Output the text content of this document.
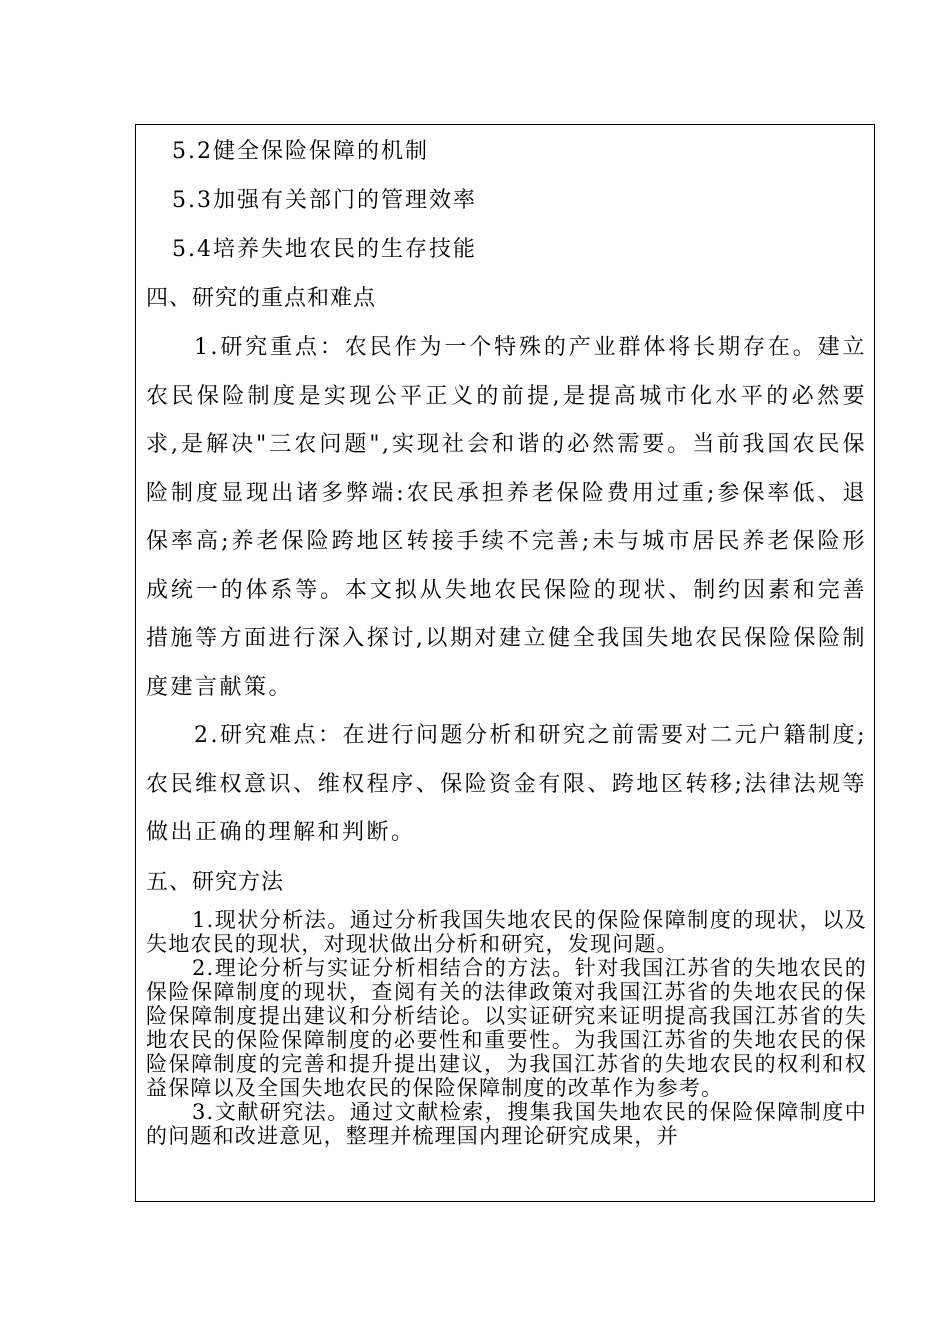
5.2健全保险保障的机制
5.3加强有关部门的管理效率
5.4培养失地农民的生存技能
四、研究的重点和难点

1.研究重点：农民作为一个特殊的产业群体将长期存在。建立农民保险制度是实现公平正义的前提,是提高城市化水平的必然要求,是解决"三农问题",实现社会和谐的必然需要。当前我国农民保险制度显现出诸多弊端:农民承担养老保险费用过重;参保率低、退保率高;养老保险跨地区转接手续不完善;未与城市居民养老保险形成统一的体系等。本文拟从失地农民保险的现状、制约因素和完善措施等方面进行深入探讨,以期对建立健全我国失地农民保险保险制度建言献策。

2.研究难点：在进行问题分析和研究之前需要对二元户籍制度;农民维权意识、维权程序、保险资金有限、跨地区转移;法律法规等做出正确的理解和判断。

五、研究方法

1.现状分析法。通过分析我国失地农民的保险保障制度的现状，以及失地农民的现状，对现状做出分析和研究，发现问题。

2.理论分析与实证分析相结合的方法。针对我国江苏省的失地农民的保险保障制度的现状，查阅有关的法律政策对我国江苏省的失地农民的保险保障制度提出建议和分析结论。以实证研究来证明提高我国江苏省的失地农民的保险保障制度的必要性和重要性。为我国江苏省的失地农民的保险保障制度的完善和提升提出建议，为我国江苏省的失地农民的权利和权益保障以及全国失地农民的保险保障制度的改革作为参考。

3.文献研究法。通过文献检索，搜集我国失地农民的保险保障制度中的问题和改进意见，整理并梳理国内理论研究成果，并
